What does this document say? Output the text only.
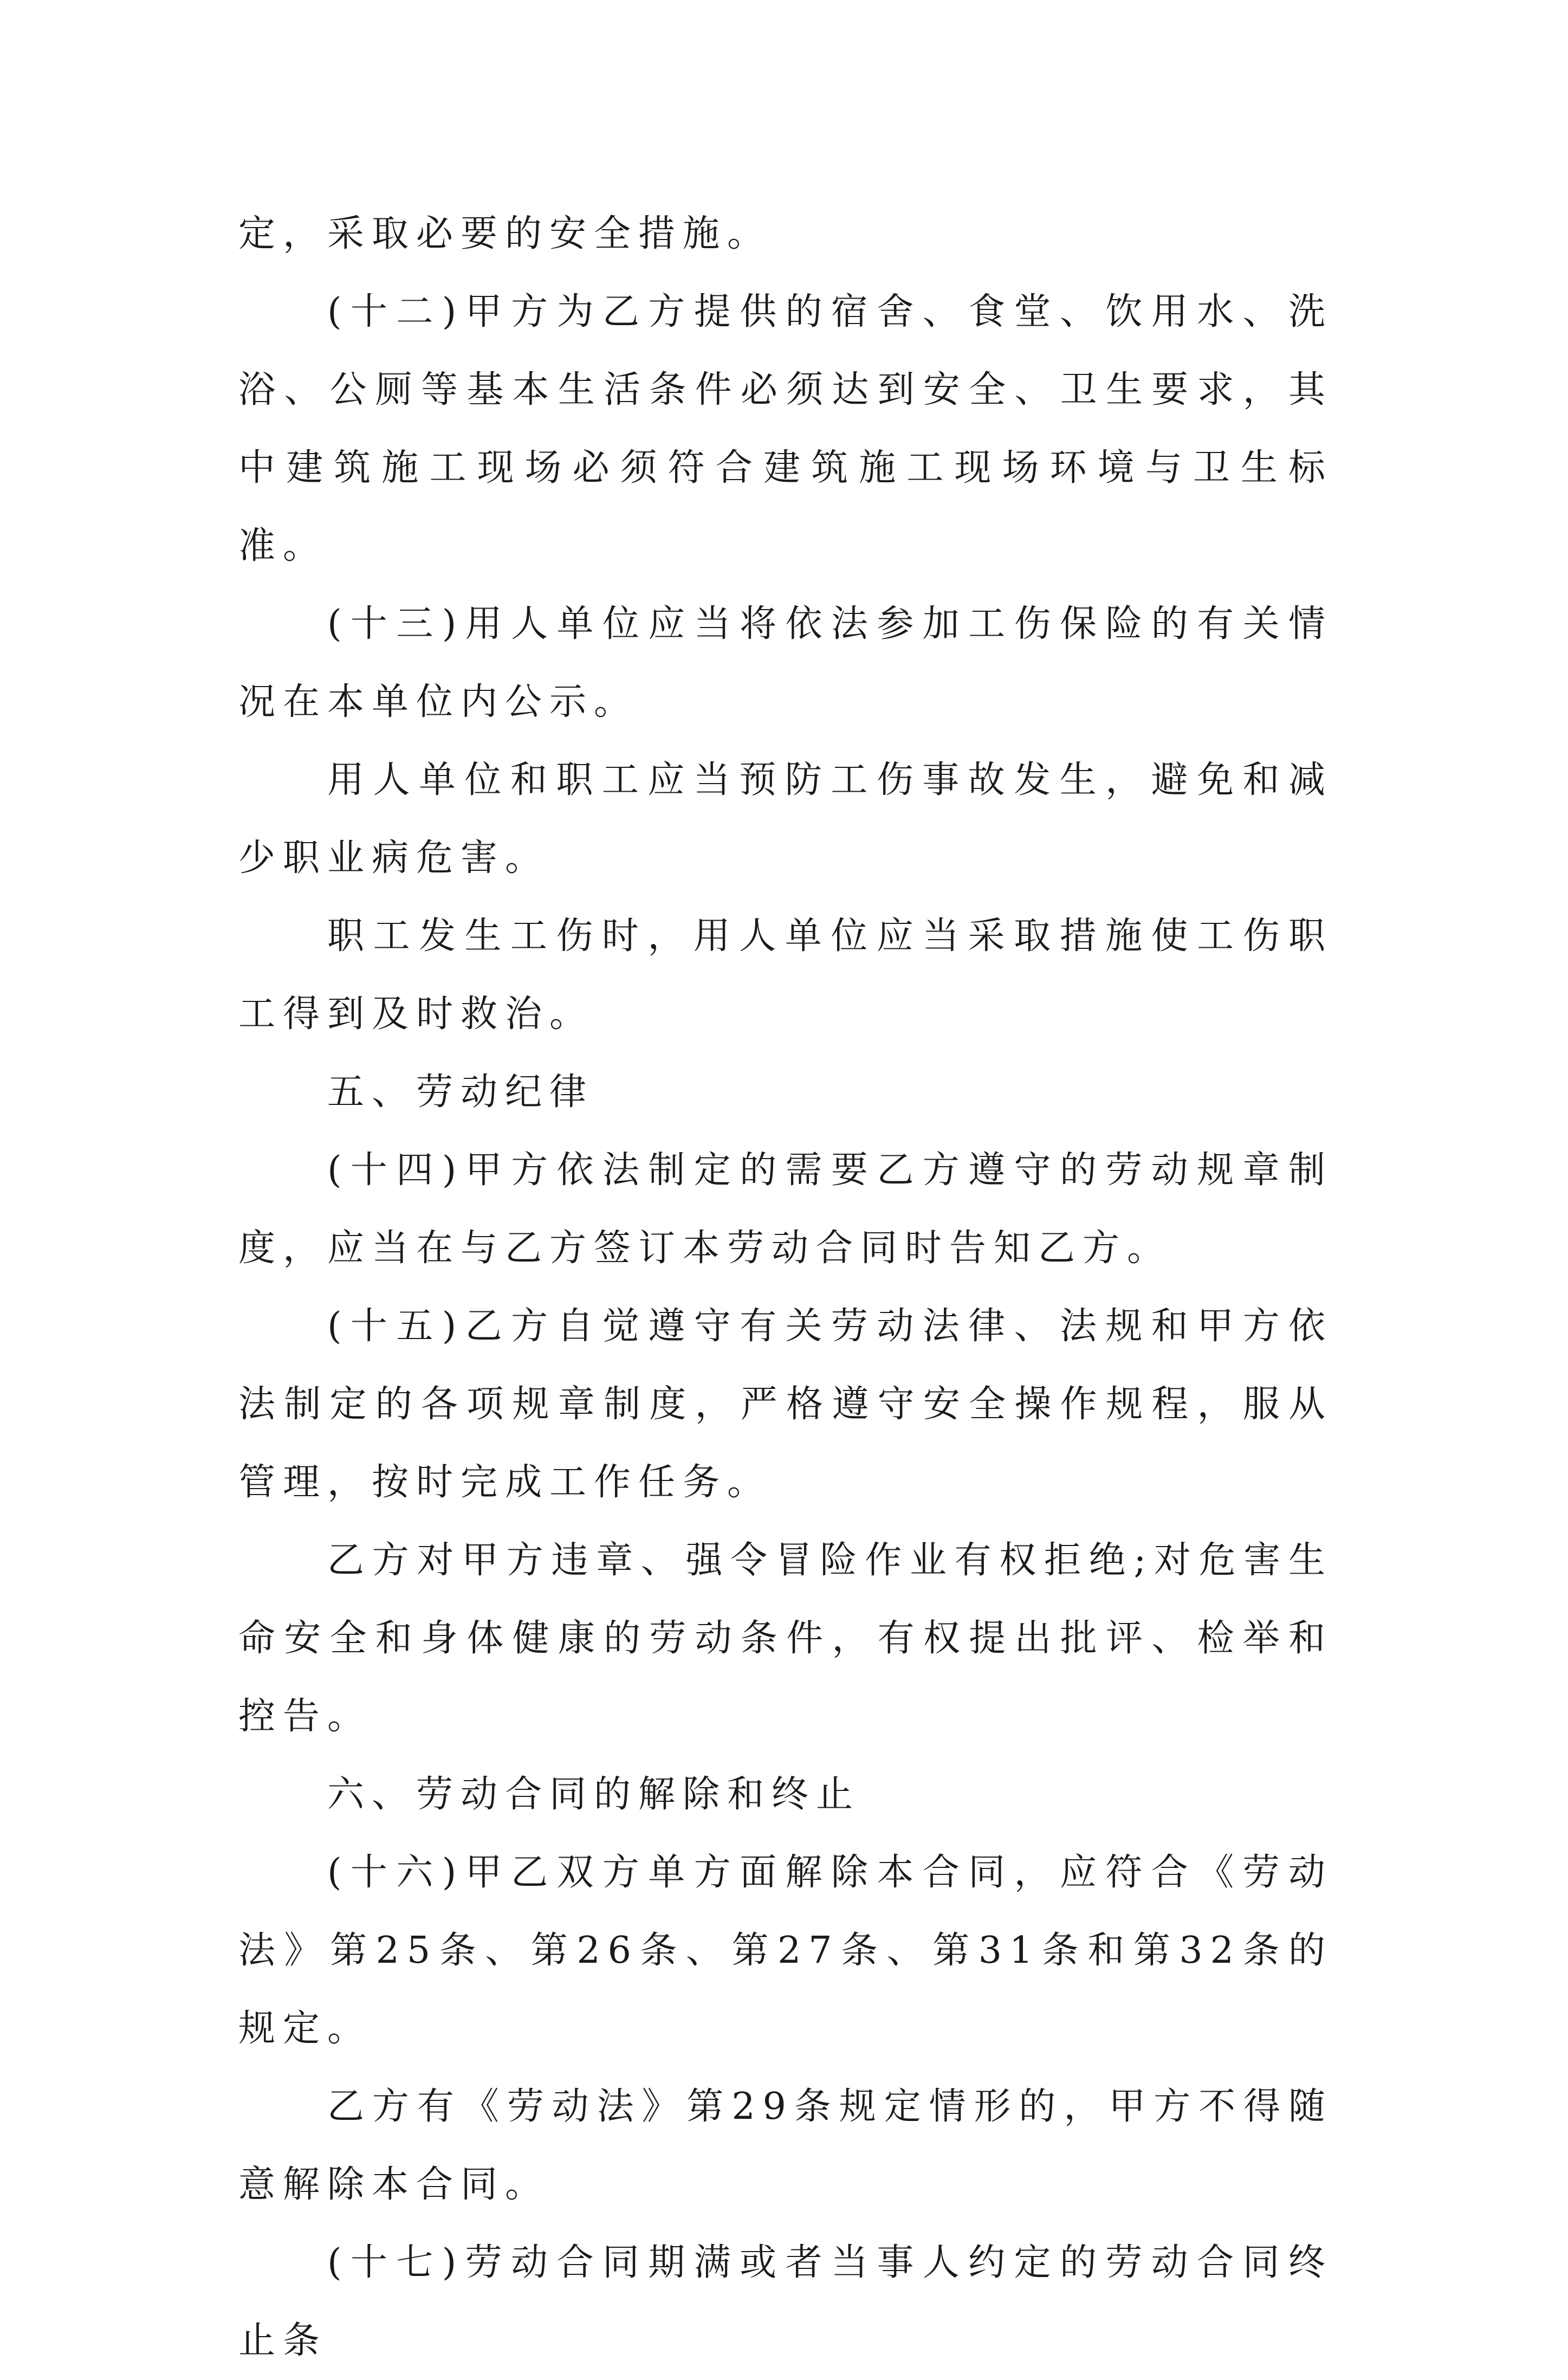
定，采取必要的安全措施。

(十二)甲方为乙方提供的宿舍、食堂、饮用水、洗浴、公厕等基本生活条件必须达到安全、卫生要求，其中建筑施工现场必须符合建筑施工现场环境与卫生标准。

(十三)用人单位应当将依法参加工伤保险的有关情况在本单位内公示。

用人单位和职工应当预防工伤事故发生，避免和减少职业病危害。

职工发生工伤时，用人单位应当采取措施使工伤职工得到及时救治。

五、劳动纪律

(十四)甲方依法制定的需要乙方遵守的劳动规章制度，应当在与乙方签订本劳动合同时告知乙方。

(十五)乙方自觉遵守有关劳动法律、法规和甲方依法制定的各项规章制度，严格遵守安全操作规程，服从管理，按时完成工作任务。

乙方对甲方违章、强令冒险作业有权拒绝;对危害生命安全和身体健康的劳动条件，有权提出批评、检举和控告。

六、劳动合同的解除和终止

(十六)甲乙双方单方面解除本合同，应符合《劳动法》第25条、第26条、第27条、第31条和第32条的规定。

乙方有《劳动法》第29条规定情形的，甲方不得随意解除本合同。

(十七)劳动合同期满或者当事人约定的劳动合同终止条
